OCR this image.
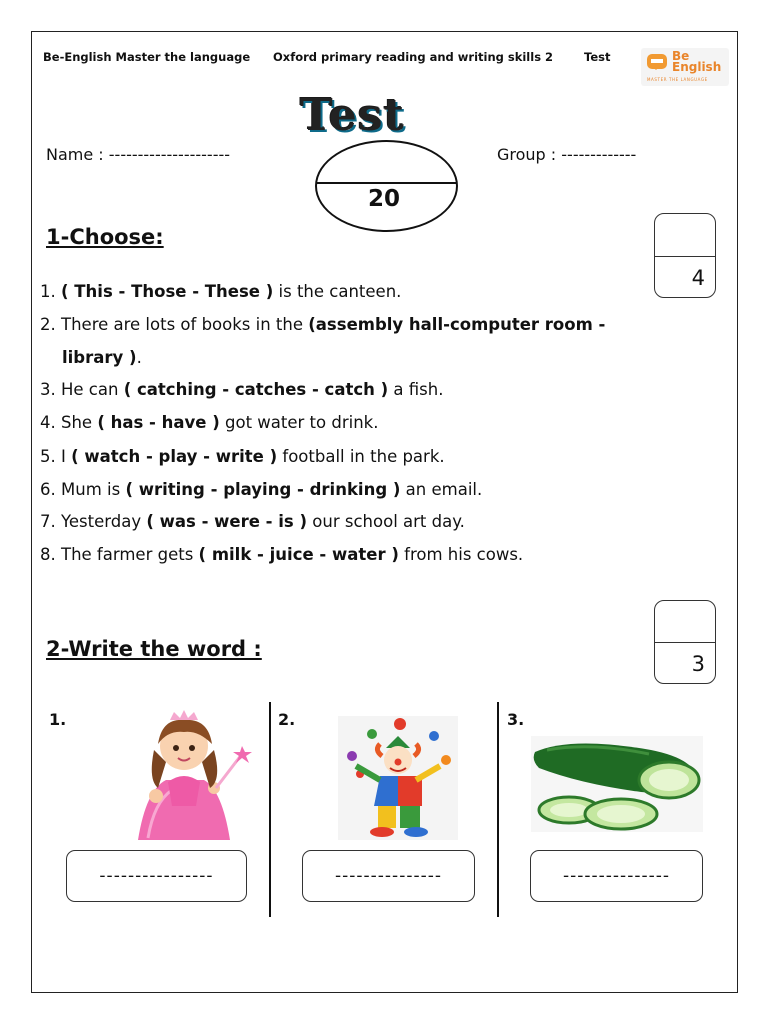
Be-English Master the language Oxford primary reading and writing skills 2	Test	Be English
MASTER THE LANGUAGE
Test
20
Name : ---------------------	Group : -------------
1-Choose:
4
1. ( This - Those - These ) is the canteen.
2. There are lots of books in the (assembly hall-computer room -
library ).
3. He can ( catching - catches - catch ) a fish.
4. She ( has - have ) got water to drink.
5. I ( watch - play - write ) football in the park.
6. Mum is ( writing - playing - drinking ) an email.
7. Yesterday ( was - were - is ) our school art day.
8. The farmer gets ( milk - juice - water ) from his cows.
2-Write the word :
3
1.	2.	3.
----------------	---------------	---------------
